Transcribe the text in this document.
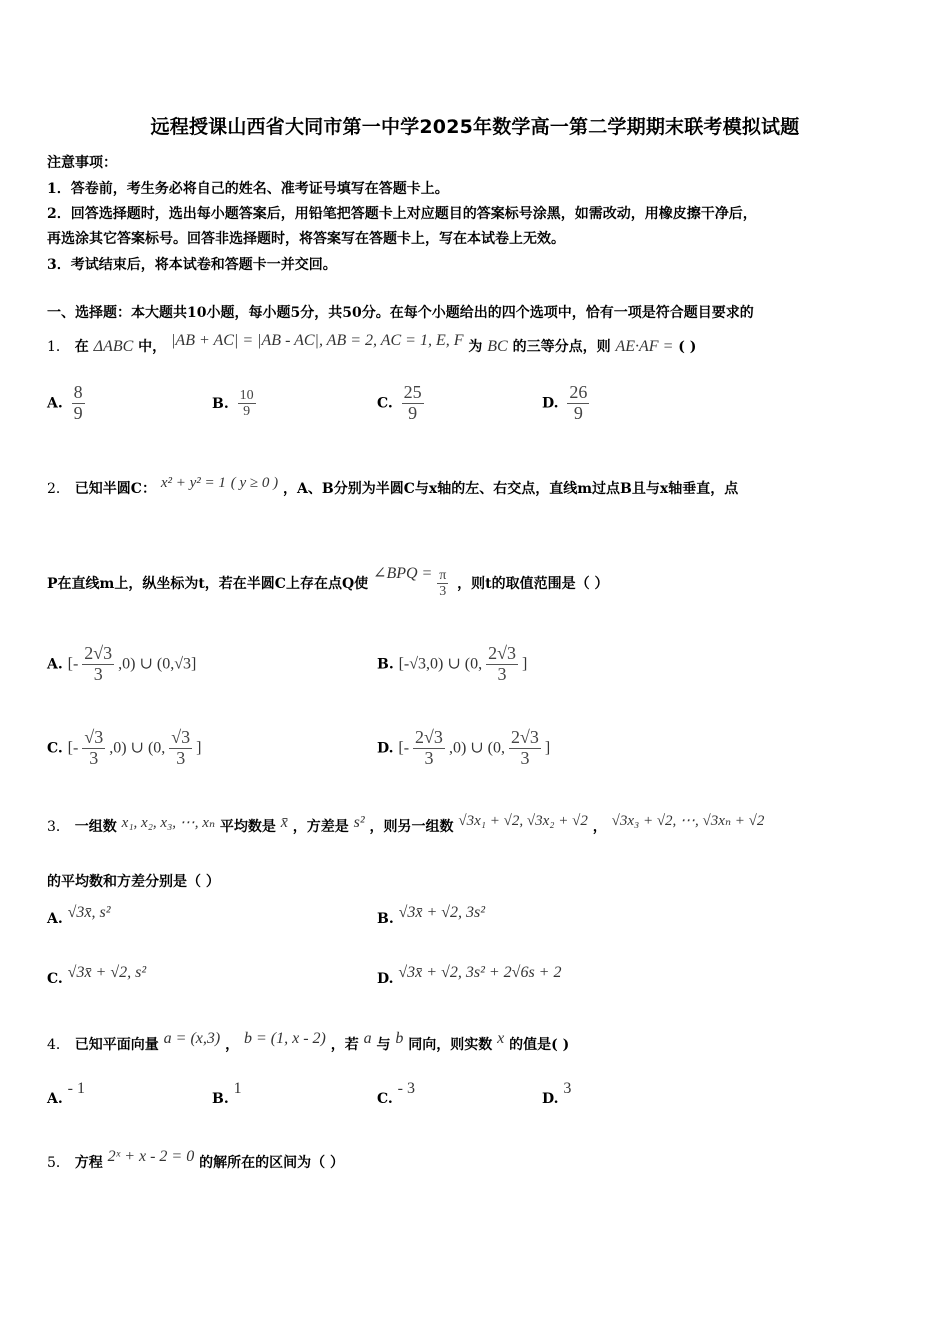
远程授课山西省大同市第一中学2025年数学高一第二学期期末联考模拟试题
注意事项：
1．答卷前，考生务必将自己的姓名、准考证号填写在答题卡上。
2．回答选择题时，选出每小题答案后，用铅笔把答题卡上对应题目的答案标号涂黑，如需改动，用橡皮擦干净后，
再选涂其它答案标号。回答非选择题时，将答案写在答题卡上，写在本试卷上无效。
3．考试结束后，将本试卷和答题卡一并交回。
一、选择题：本大题共10小题，每小题5分，共50分。在每个小题给出的四个选项中，恰有一项是符合题目要求的
1． 在 ΔABC 中， |AB + AC| = |AB - AC|, AB = 2, AC = 1, E, F 为 BC 的三等分点，则 AE·AF = ( )
A. $\frac{8}{9}$	B. $\frac{10}{9}$	C. $\frac{25}{9}$	D. $\frac{26}{9}$
2． 已知半圆C： x² + y² = 1 ( y ≥ 0 ) ，A、B分别为半圆C与x轴的左、右交点，直线m过点B且与x轴垂直，点
P在直线m上，纵坐标为t，若在半圆C上存在点Q使 ∠BPQ = $\frac{\pi}{3}$ ，则t的取值范围是（ ）
A. [- $\frac{2√3}{3} ,0$) ∪ (0,√3]	B. [-√3,0) ∪ (0, $\frac{2√3}{3}$ ]
C. [- $\frac{√3}{3} ,0$) ∪ (0, $\frac{√3}{3}$ ]	D. [- $\frac{2√3}{3} ,0$) ∪ (0, $\frac{2√3}{3}$ ]
3． 一组数 x₁, x₂, x₃, ⋯, xₙ 平均数是 x̄ ，方差是 s² ，则另一组数 √3x₁ + √2, √3x₂ + √2 ， √3x₃ + √2, ⋯, √3xₙ + √2
的平均数和方差分别是（ ）
A. √3x̄, s²	B. √3x̄ + √2, 3s²
C. √3x̄ + √2, s²	D. √3x̄ + √2, 3s² + 2√6s + 2
4． 已知平面向量 a = (x,3) ， b = (1, x - 2) ，若 a 与 b 同向，则实数 x 的值是( )
A. - 1
B. 1
C. - 3
D. 3
5． 方程 2ˣ + x - 2 = 0 的解所在的区间为（ ）
